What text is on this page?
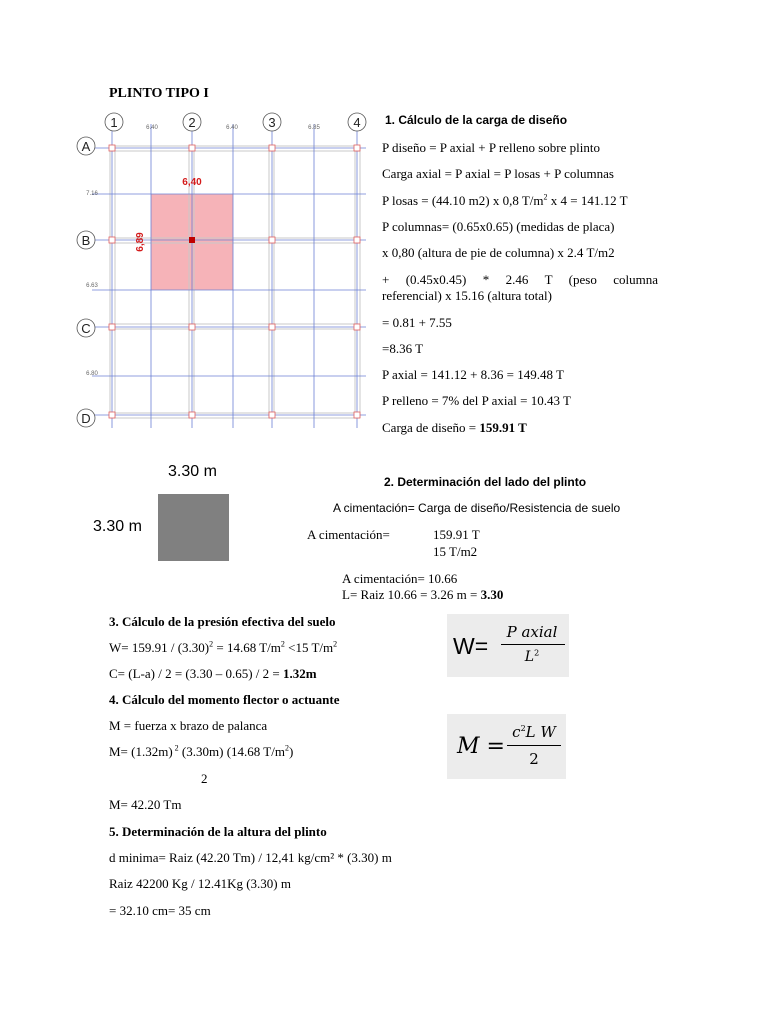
PLINTO TIPO I
1	2	3	4
A
B
C
D
6.40	6.40	6.85
7.16
6.63
6.80
6,40
6,89
1. Cálculo de la carga de diseño
P diseño = P axial + P relleno sobre plinto
Carga axial = P axial = P losas + P columnas
P losas = (44.10 m2) x 0,8 $T/m^2$ x 4 = 141.12 T
P columnas= (0.65x0.65) (medidas de placa)
x 0,80 (altura de pie de columna) x 2.4 T/m2
+ (0.45x0.45) * 2.46 T (peso columna
referencial) x 15.16 (altura total)
= 0.81 + 7.55
=8.36 T
P axial = 141.12 + 8.36 = 149.48 T
P relleno = 7% del P axial = 10.43 T
Carga de diseño = 159.91 T
3.30 m
3.30 m
2. Determinación del lado del plinto
A cimentación= Carga de diseño/Resistencia de suelo
A cimentación=	159.91 T
15 T/m2
A cimentación= 10.66
L= Raiz 10.66 = 3.26 m = 3.30
3. Cálculo de la presión efectiva del suelo
$W= 159.91 / (3.30)^2 = 14.68$ $T/m^2 <15$ $T/m^2$
C= (L-a) / 2 = (3.30 – 0.65) / 2 = 1.32m
W=
P axial
$L^2$
4. Cálculo del momento flector o actuante
M = fuerza x brazo de palanca
M= (1.32m) $^2$ (3.30m) (14.68 $T/m^2$)
2
M= 42.20 Tm
M =
$c^2L$ W
2
5. Determinación de la altura del plinto
d minima= Raiz (42.20 Tm) / 12,41 kg/cm² * (3.30) m
Raiz 42200 Kg / 12.41Kg (3.30) m
= 32.10 cm= 35 cm
